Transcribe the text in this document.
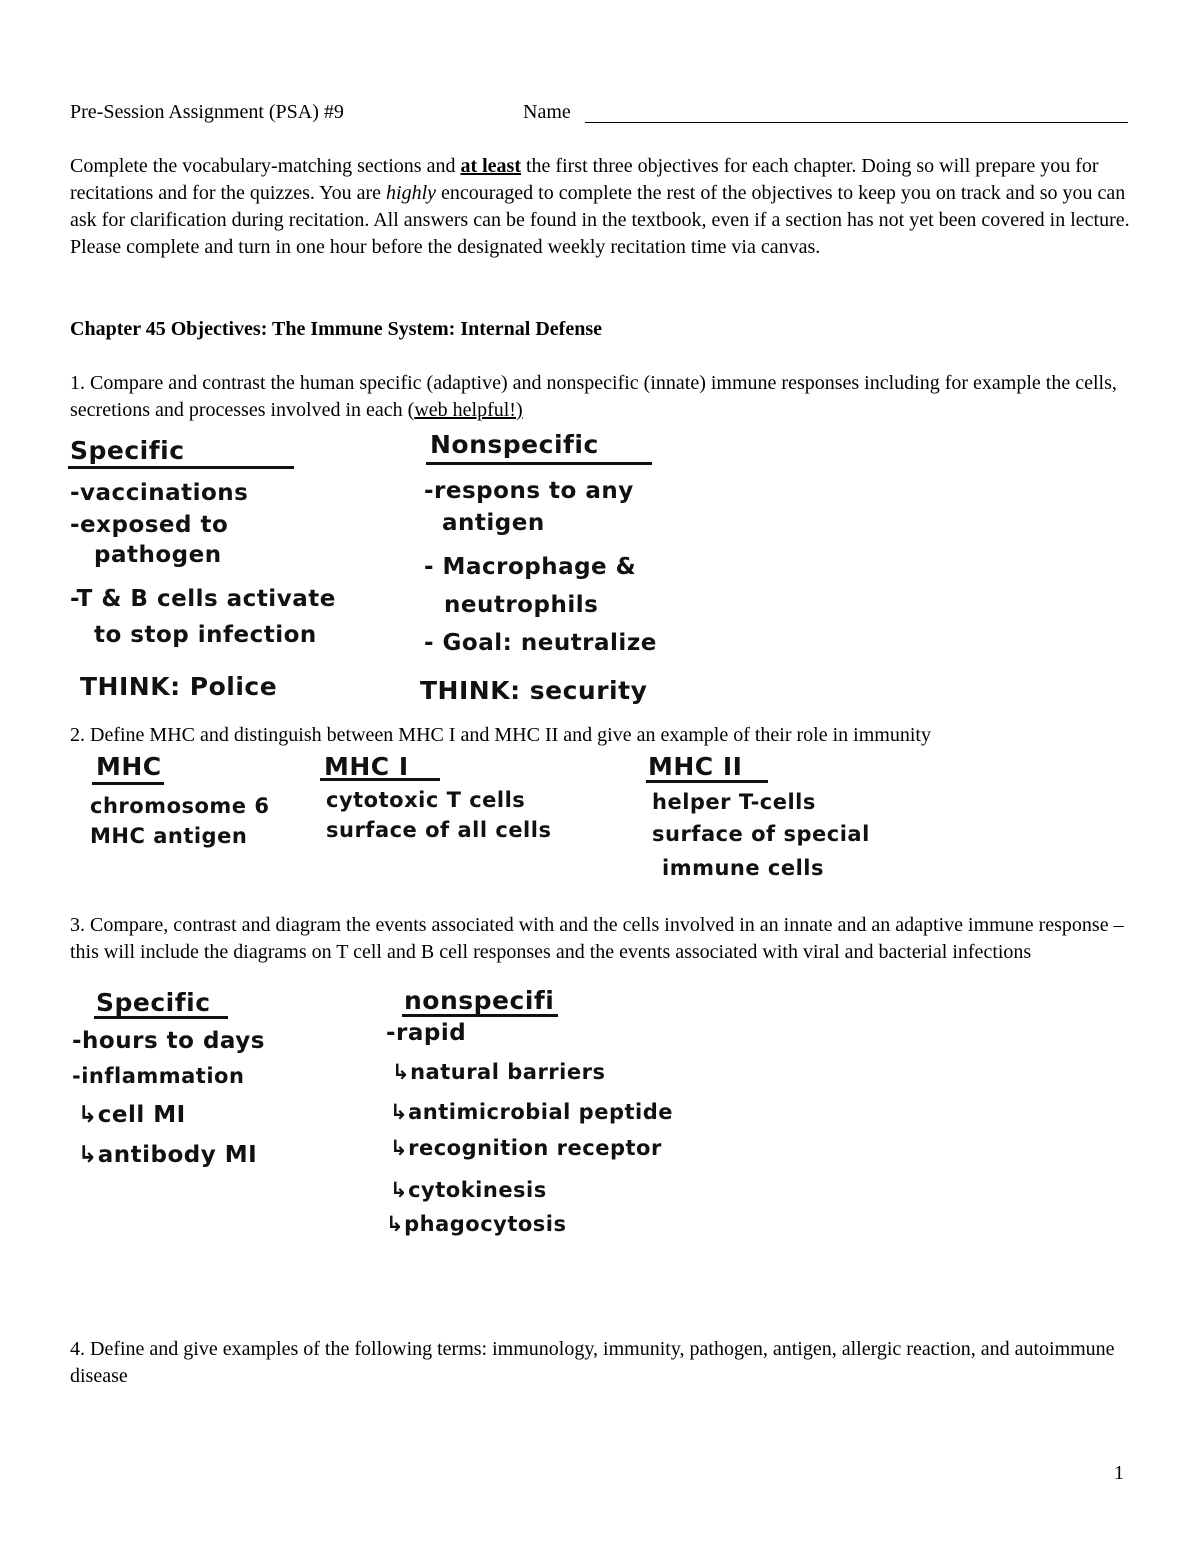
Pre-Session Assignment (PSA) #9	Name

Complete the vocabulary-matching sections and at least the first three objectives for each chapter. Doing so will prepare you for recitations and for the quizzes. You are highly encouraged to complete the rest of the objectives to keep you on track and so you can ask for clarification during recitation. All answers can be found in the textbook, even if a section has not yet been covered in lecture. Please complete and turn in one hour before the designated weekly recitation time via canvas.

Chapter 45 Objectives: The Immune System: Internal Defense

1. Compare and contrast the human specific (adaptive) and nonspecific (innate) immune responses including for example the cells, secretions and processes involved in each (web helpful!)

Specific

-vaccinations

-exposed to

pathogen

-T & B cells activate

to stop infection

THINK: Police

Nonspecific

-respons to any

antigen

- Macrophage &

neutrophils

- Goal: neutralize

THINK: security

2. Define MHC and distinguish between MHC I and MHC II and give an example of their role in immunity

MHC

chromosome 6

MHC antigen

MHC I

cytotoxic T cells

surface of all cells

MHC II

helper T-cells

surface of special

immune cells

3. Compare, contrast and diagram the events associated with and the cells involved in an innate and an adaptive immune response – this will include the diagrams on T cell and B cell responses and the events associated with viral and bacterial infections

Specific

-hours to days

-inflammation

↳cell MI

↳antibody MI

nonspecifi

-rapid

↳natural barriers

↳antimicrobial peptide

↳recognition receptor

↳cytokinesis

↳phagocytosis

4. Define and give examples of the following terms: immunology, immunity, pathogen, antigen, allergic reaction, and autoimmune disease

1
